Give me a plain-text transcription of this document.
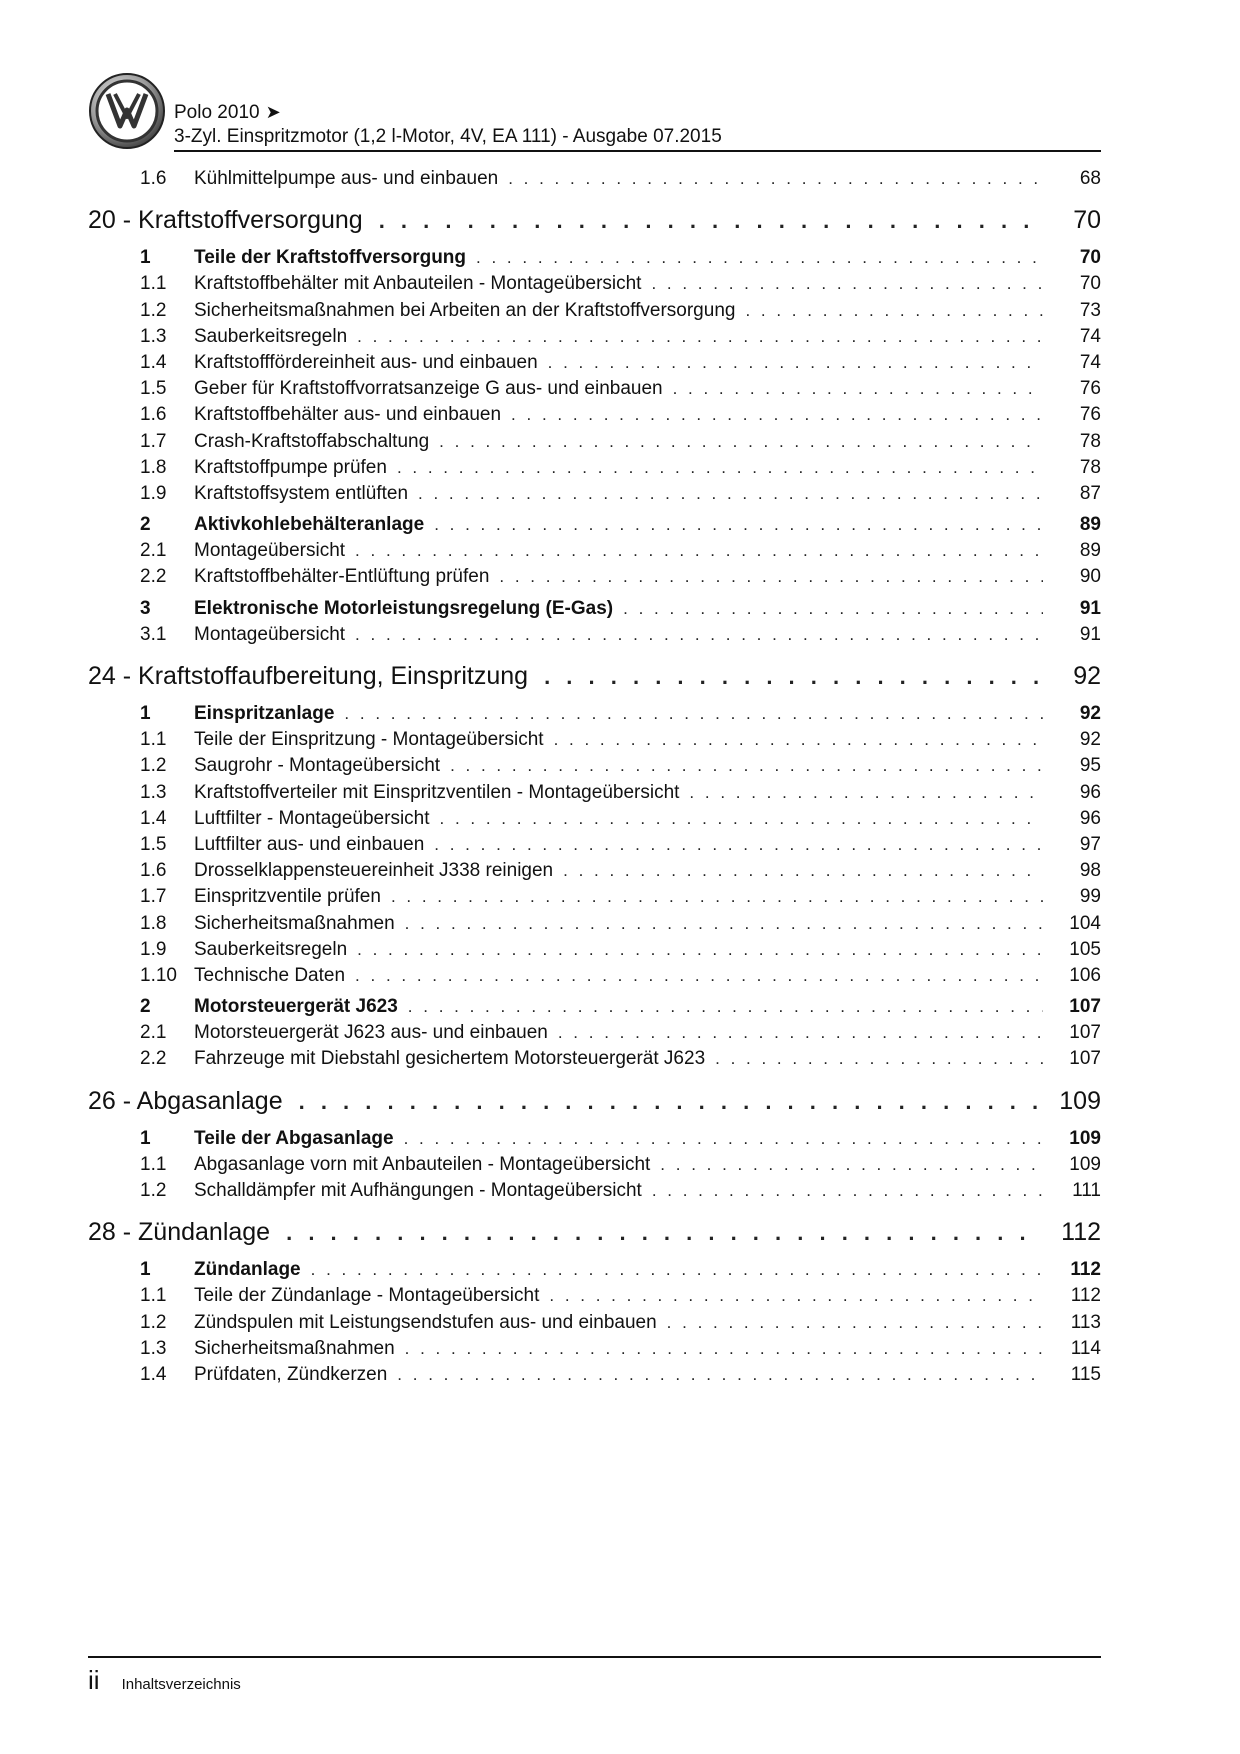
Polo 2010 ➤
3-Zyl. Einspritzmotor (1,2 l-Motor, 4V, EA 111) - Ausgabe 07.2015
1.6	Kühlmittelpumpe aus- und einbauen . . .	68
20 - Kraftstoffversorgung . . .	70
1	Teile der Kraftstoffversorgung . . .	70
1.1	Kraftstoffbehälter mit Anbauteilen - Montageübersicht . . .	70
1.2	Sicherheitsmaßnahmen bei Arbeiten an der Kraftstoffversorgung . . .	73
1.3	Sauberkeitsregeln . . .	74
1.4	Kraftstofffördereinheit aus- und einbauen . . .	74
1.5	Geber für Kraftstoffvorratsanzeige G aus- und einbauen . . .	76
1.6	Kraftstoffbehälter aus- und einbauen . . .	76
1.7	Crash-Kraftstoffabschaltung . . .	78
1.8	Kraftstoffpumpe prüfen . . .	78
1.9	Kraftstoffsystem entlüften . . .	87
2	Aktivkohlebehälteranlage . . .	89
2.1	Montageübersicht . . .	89
2.2	Kraftstoffbehälter-Entlüftung prüfen . . .	90
3	Elektronische Motorleistungsregelung (E-Gas) . . .	91
3.1	Montageübersicht . . .	91
24 - Kraftstoffaufbereitung, Einspritzung . . .	92
1	Einspritzanlage . . .	92
1.1	Teile der Einspritzung - Montageübersicht . . .	92
1.2	Saugrohr - Montageübersicht . . .	95
1.3	Kraftstoffverteiler mit Einspritzventilen - Montageübersicht . . .	96
1.4	Luftfilter - Montageübersicht . . .	96
1.5	Luftfilter aus- und einbauen . . .	97
1.6	Drosselklappensteuereinheit J338 reinigen . . .	98
1.7	Einspritzventile prüfen . . .	99
1.8	Sicherheitsmaßnahmen . . .	104
1.9	Sauberkeitsregeln . . .	105
1.10 Technische Daten . . .	106
2	Motorsteuergerät J623 . . .	107
2.1	Motorsteuergerät J623 aus- und einbauen . . .	107
2.2	Fahrzeuge mit Diebstahl gesichertem Motorsteuergerät J623 . . .	107
26 - Abgasanlage . . .	109
1	Teile der Abgasanlage . . .	109
1.1	Abgasanlage vorn mit Anbauteilen - Montageübersicht . . .	109
1.2	Schalldämpfer mit Aufhängungen - Montageübersicht . . .	111
28 - Zündanlage . . .	112
1	Zündanlage . . .	112
1.1	Teile der Zündanlage - Montageübersicht . . .	112
1.2	Zündspulen mit Leistungsendstufen aus- und einbauen . . .	113
1.3	Sicherheitsmaßnahmen . . .	114
1.4	Prüfdaten, Zündkerzen . . .	115
ii Inhaltsverzeichnis
